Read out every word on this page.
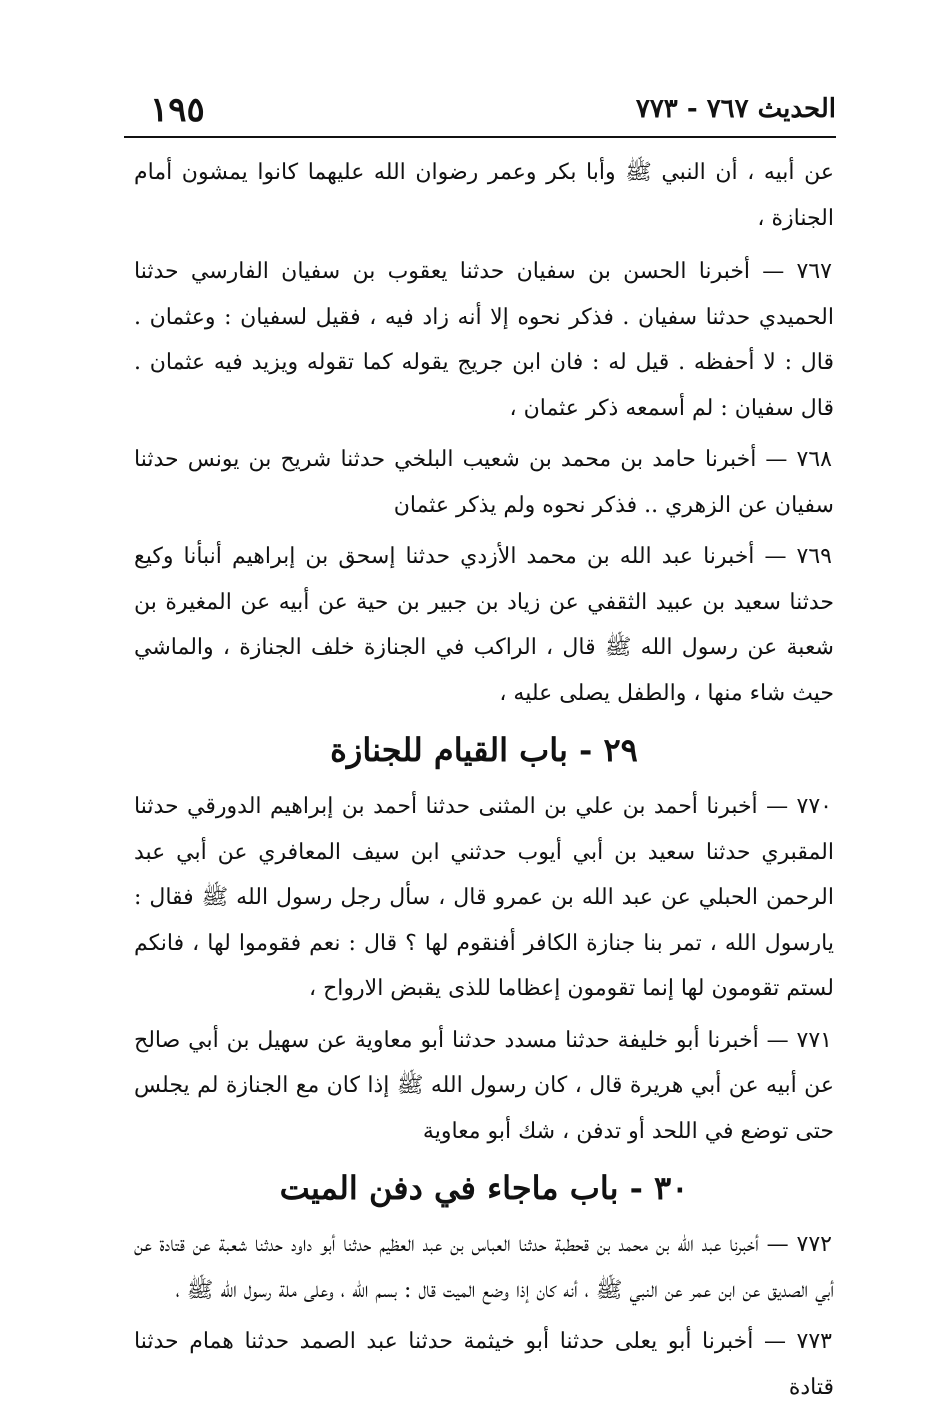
الحديث ٧٦٧ - ٧٧٣
١٩٥

عن أبيه ، أن النبي ﷺ وأبا بكر وعمر رضوان الله عليهما كانوا يمشون أمام الجنازة ،

٧٦٧ — أخبرنا الحسن بن سفيان حدثنا يعقوب بن سفيان الفارسي حدثنا الحميدي حدثنا سفيان . فذكر نحوه إلا أنه زاد فيه ، فقيل لسفيان : وعثمان . قال : لا أحفظه . قيل له : فان ابن جريج يقوله كما تقوله ويزيد فيه عثمان . قال سفيان : لم أسمعه ذكر عثمان ،

٧٦٨ — أخبرنا حامد بن محمد بن شعيب البلخي حدثنا شريح بن يونس حدثنا سفيان عن الزهري .. فذكر نحوه ولم يذكر عثمان

٧٦٩ — أخبرنا عبد الله بن محمد الأزدي حدثنا إسحق بن إبراهيم أنبأنا وكيع حدثنا سعيد بن عبيد الثقفي عن زياد بن جبير بن حية عن أبيه عن المغيرة بن شعبة عن رسول الله ﷺ قال ، الراكب في الجنازة خلف الجنازة ، والماشي حيث شاء منها ، والطفل يصلى عليه ،

٢٩ - باب القيام للجنازة

٧٧٠ — أخبرنا أحمد بن علي بن المثنى حدثنا أحمد بن إبراهيم الدورقي حدثنا المقبري حدثنا سعيد بن أبي أيوب حدثني ابن سيف المعافري عن أبي عبد الرحمن الحبلي عن عبد الله بن عمرو قال ، سأل رجل رسول الله ﷺ فقال : يارسول الله ، تمر بنا جنازة الكافر أفنقوم لها ؟ قال : نعم فقوموا لها ، فانكم لستم تقومون لها إنما تقومون إعظاما للذى يقبض الارواح ،

٧٧١ — أخبرنا أبو خليفة حدثنا مسدد حدثنا أبو معاوية عن سهيل بن أبي صالح عن أبيه عن أبي هريرة قال ، كان رسول الله ﷺ إذا كان مع الجنازة لم يجلس حتى توضع في اللحد أو تدفن ، شك أبو معاوية

٣٠ - باب ماجاء في دفن الميت

٧٧٢ — أخبرنا عبد الله بن محمد بن قحطبة حدثنا العباس بن عبد العظيم حدثنا أبو داود حدثنا شعبة عن قتادة عن أبي الصديق عن ابن عمر عن النبي ﷺ ، أنه كان إذا وضع الميت قال : بسم الله ، وعلى ملة رسول الله ﷺ ،

٧٧٣ — أخبرنا أبو يعلى حدثنا أبو خيثمة حدثنا عبد الصمد حدثنا همام حدثنا قتادة
